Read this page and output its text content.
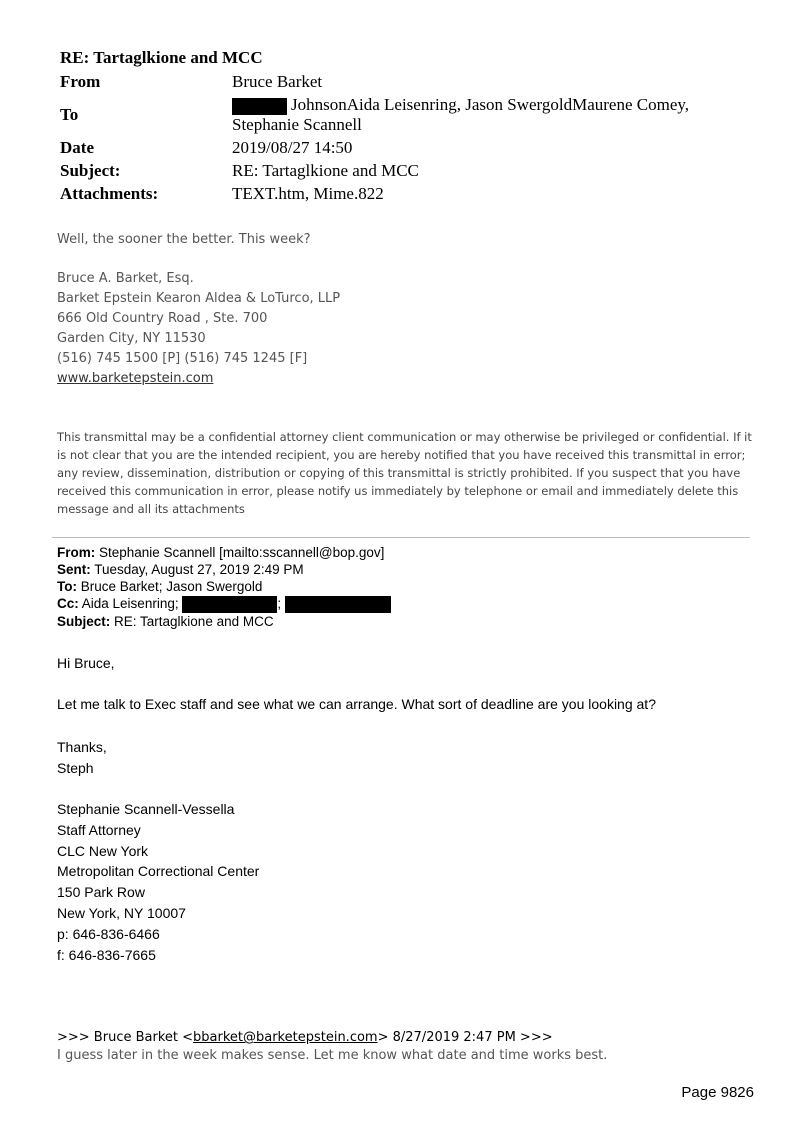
RE: Tartaglkione and MCC
From	Bruce Barket
To	JohnsonAida Leisenring, Jason SwergoldMaurene Comey,
Stephanie Scannell
Date	2019/08/27 14:50
Subject:	RE: Tartaglkione and MCC
Attachments:	TEXT.htm, Mime.822
Well, the sooner the better. This week?
Bruce A. Barket, Esq.
Barket Epstein Kearon Aldea & LoTurco, LLP
666 Old Country Road , Ste. 700
Garden City, NY 11530
(516) 745 1500 [P] (516) 745 1245 [F]
www.barketepstein.com
This transmittal may be a confidential attorney client communication or may otherwise be privileged or confidential. If it is not clear that you are the intended recipient, you are hereby notified that you have received this transmittal in error; any review, dissemination, distribution or copying of this transmittal is strictly prohibited. If you suspect that you have received this communication in error, please notify us immediately by telephone or email and immediately delete this message and all its attachments
From: Stephanie Scannell [mailto:sscannell@bop.gov]
Sent: Tuesday, August 27, 2019 2:49 PM
To: Bruce Barket; Jason Swergold
Cc: Aida Leisenring;	;
Subject: RE: Tartaglkione and MCC
Hi Bruce,
Let me talk to Exec staff and see what we can arrange. What sort of deadline are you looking at?
Thanks,
Steph
Stephanie Scannell-Vessella
Staff Attorney
CLC New York
Metropolitan Correctional Center
150 Park Row
New York, NY 10007
p: 646-836-6466
f: 646-836-7665
>>> Bruce Barket <bbarket@barketepstein.com> 8/27/2019 2:47 PM >>>
I guess later in the week makes sense. Let me know what date and time works best.
Page 9826
